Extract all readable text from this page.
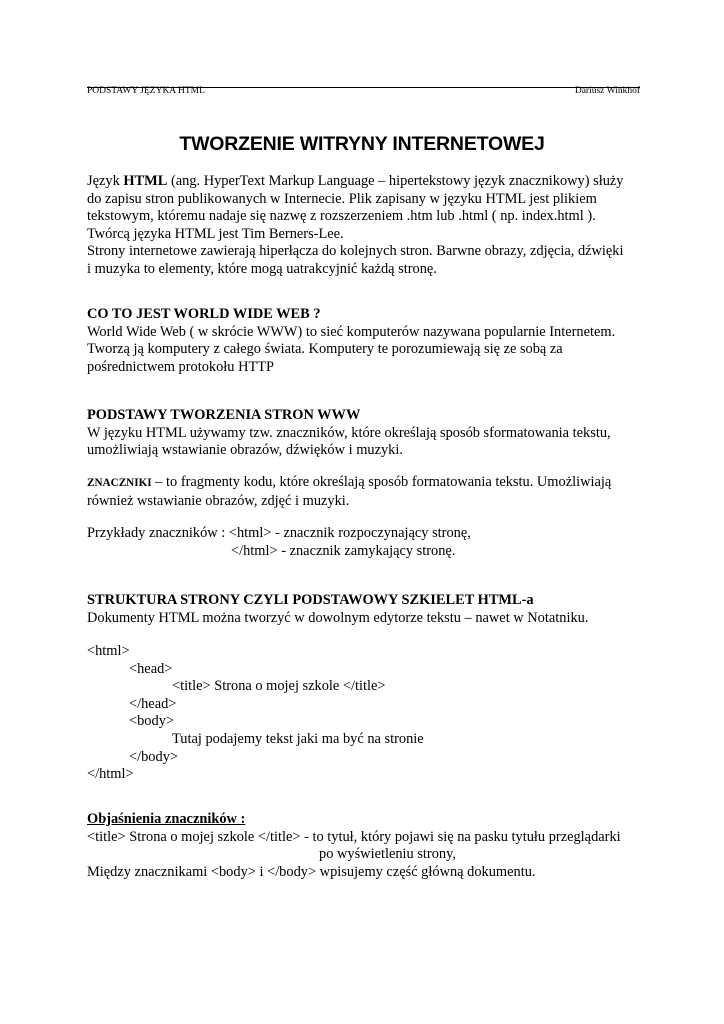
PODSTAWY JĘZYKA HTML	Dariusz Winkhof
TWORZENIE WITRYNY INTERNETOWEJ
Język HTML (ang. HyperText Markup Language – hipertekstowy język znacznikowy) służy
do zapisu stron publikowanych w Internecie. Plik zapisany w języku HTML jest plikiem
tekstowym, któremu nadaje się nazwę z rozszerzeniem .htm lub .html ( np. index.html ).
Twórcą języka HTML jest Tim Berners-Lee.
Strony internetowe zawierają hiperłącza do kolejnych stron. Barwne obrazy, zdjęcia, dźwięki
i muzyka to elementy, które mogą uatrakcyjnić każdą stronę.
CO TO JEST WORLD WIDE WEB ?
World Wide Web ( w skrócie WWW) to sieć komputerów nazywana popularnie Internetem.
Tworzą ją komputery z całego świata. Komputery te porozumiewają się ze sobą za
pośrednictwem protokołu HTTP
PODSTAWY TWORZENIA STRON WWW
W języku HTML używamy tzw. znaczników, które określają sposób sformatowania tekstu,
umożliwiają wstawianie obrazów, dźwięków i muzyki.
ZNACZNIKI – to fragmenty kodu, które określają sposób formatowania tekstu. Umożliwiają
również wstawianie obrazów, zdjęć i muzyki.
Przykłady znaczników : <html> - znacznik rozpoczynający stronę,
</html> - znacznik zamykający stronę.
STRUKTURA STRONY CZYLI PODSTAWOWY SZKIELET HTML-a
Dokumenty HTML można tworzyć w dowolnym edytorze tekstu – nawet w Notatniku.
<html>
<head>
<title> Strona o mojej szkole </title>
</head>
<body>
Tutaj podajemy tekst jaki ma być na stronie
</body>
</html>
Objaśnienia znaczników :
<title> Strona o mojej szkole </title> - to tytuł, który pojawi się na pasku tytułu przeglądarki
po wyświetleniu strony,
Między znacznikami <body> i </body> wpisujemy część główną dokumentu.
